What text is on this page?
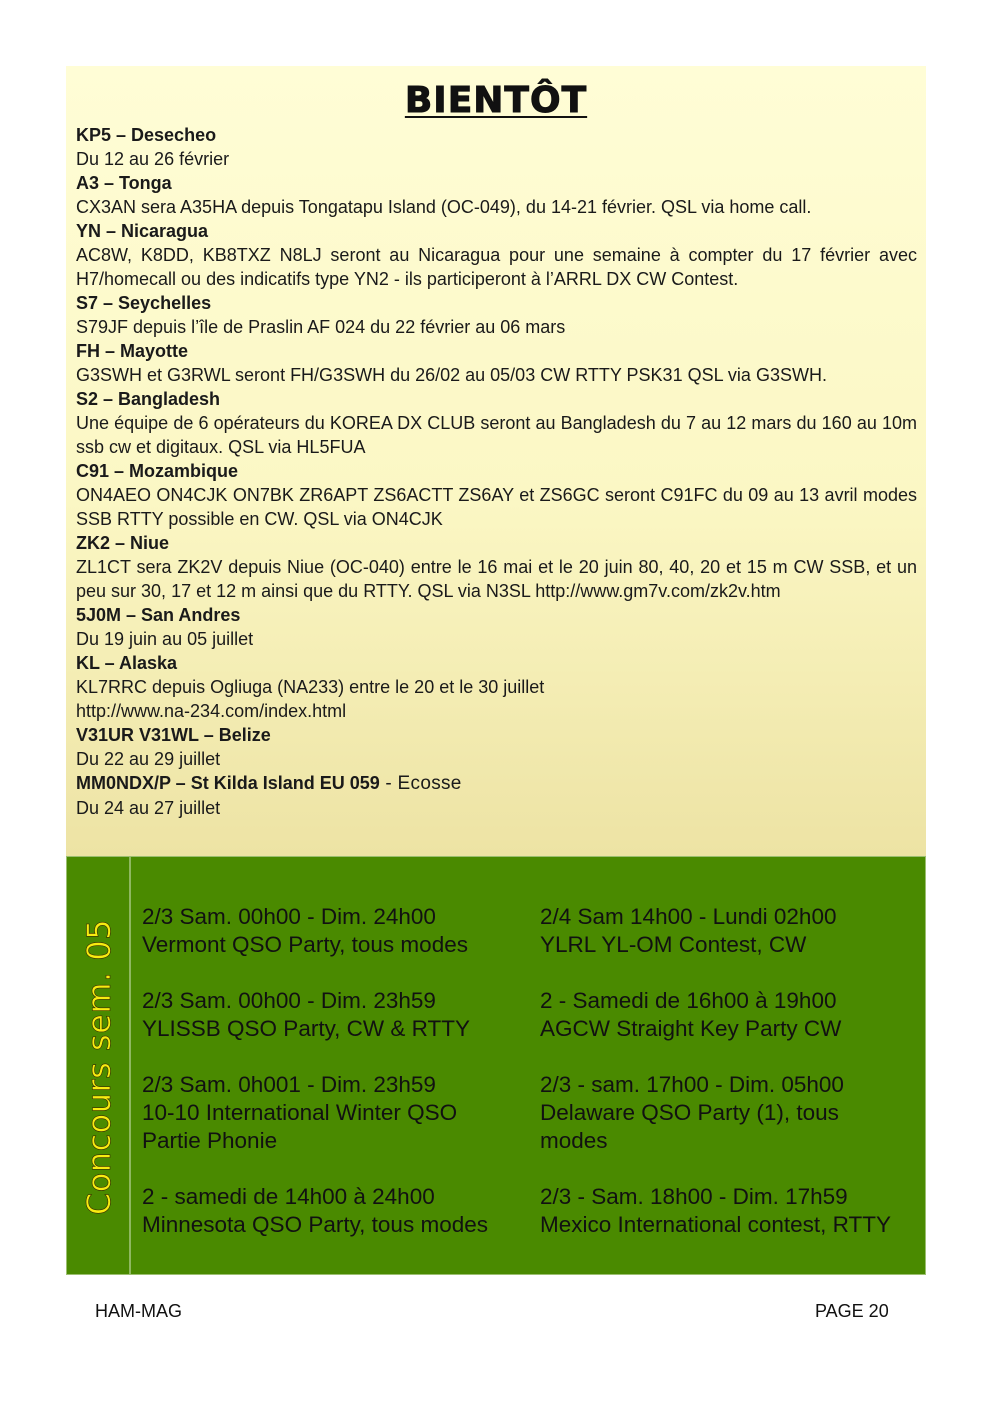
BIENTÔT
KP5 – Desecheo
Du 12 au 26 février
A3 – Tonga
CX3AN sera A35HA depuis Tongatapu Island (OC-049), du 14-21 février. QSL via home call.
YN – Nicaragua
AC8W, K8DD, KB8TXZ N8LJ seront au Nicaragua pour une semaine à compter du 17 février avec H7/homecall ou des indicatifs type YN2 - ils participeront à l’ARRL DX CW Contest.
S7 – Seychelles
S79JF depuis l’île de Praslin AF 024 du 22 février au 06 mars
FH – Mayotte
G3SWH et G3RWL seront FH/G3SWH du 26/02 au 05/03 CW RTTY PSK31 QSL via G3SWH.
S2 – Bangladesh
Une équipe de 6 opérateurs du KOREA DX CLUB seront au Bangladesh du 7 au 12 mars du 160 au 10m ssb cw et digitaux. QSL via HL5FUA
C91 – Mozambique
ON4AEO ON4CJK ON7BK ZR6APT ZS6ACTT ZS6AY et ZS6GC seront C91FC du 09 au 13 avril modes SSB RTTY possible en CW. QSL via ON4CJK
ZK2 – Niue
ZL1CT sera ZK2V depuis Niue (OC-040) entre le 16 mai et le 20 juin 80, 40, 20 et 15 m CW SSB, et un peu sur 30, 17 et 12 m ainsi que du RTTY. QSL via N3SL http://www.gm7v.com/zk2v.htm
5J0M – San Andres
Du 19 juin au 05 juillet
KL – Alaska
KL7RRC depuis Ogliuga (NA233) entre le 20 et le 30 juillet
http://www.na-234.com/index.html
V31UR V31WL – Belize
Du 22 au 29 juillet
MM0NDX/P – St Kilda Island EU 059 - Ecosse
Du 24 au 27 juillet
Concours sem. 05
2/3 Sam. 00h00 - Dim. 24h00
Vermont QSO Party, tous modes
2/3 Sam. 00h00 - Dim. 23h59
YLISSB QSO Party, CW & RTTY
2/3 Sam. 0h001 - Dim. 23h59
10-10 International Winter QSO
Partie Phonie
2 - samedi de 14h00 à 24h00
Minnesota QSO Party, tous modes
2/4 Sam 14h00 - Lundi 02h00
YLRL YL-OM Contest, CW
2 - Samedi de 16h00 à 19h00
AGCW Straight Key Party CW
2/3 - sam. 17h00 - Dim. 05h00
Delaware QSO Party (1), tous
modes
2/3 - Sam. 18h00 - Dim. 17h59
Mexico International contest, RTTY
HAM-MAG	PAGE 20
